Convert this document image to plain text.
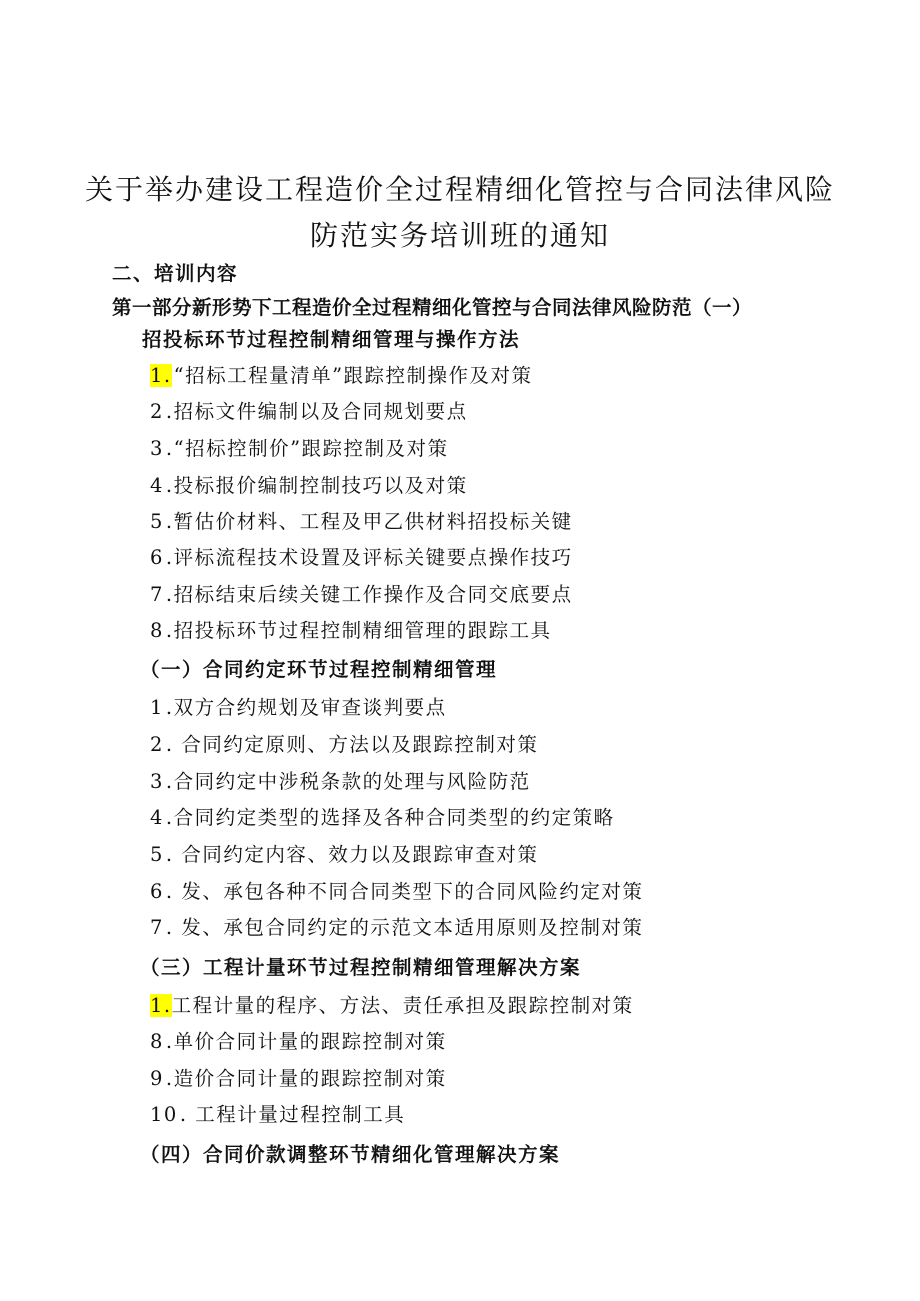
关于举办建设工程造价全过程精细化管控与合同法律风险
防范实务培训班的通知
二、培训内容
第一部分新形势下工程造价全过程精细化管控与合同法律风险防范（一）
招投标环节过程控制精细管理与操作方法
1. “招标工程量清单”跟踪控制操作及对策
2 .招标文件编制以及合同规划要点
3 .“招标控制价”跟踪控制及对策
4 .投标报价编制控制技巧以及对策
5 .暂估价材料、工程及甲乙供材料招投标关键
6 .评标流程技术设置及评标关键要点操作技巧
7 .招标结束后续关键工作操作及合同交底要点
8 .招投标环节过程控制精细管理的跟踪工具
（一）合同约定环节过程控制精细管理
1 .双方合约规划及审查谈判要点
2 . 合同约定原则、方法以及跟踪控制对策
3 .合同约定中涉税条款的处理与风险防范
4 .合同约定类型的选择及各种合同类型的约定策略
5 . 合同约定内容、效力以及跟踪审查对策
6 . 发、承包各种不同合同类型下的合同风险约定对策
7 . 发、承包合同约定的示范文本适用原则及控制对策
（三）工程计量环节过程控制精细管理解决方案
1.工程计量的程序、方法、责任承担及跟踪控制对策
8 .单价合同计量的跟踪控制对策
9 .造价合同计量的跟踪控制对策
10 . 工程计量过程控制工具
（四）合同价款调整环节精细化管理解决方案
